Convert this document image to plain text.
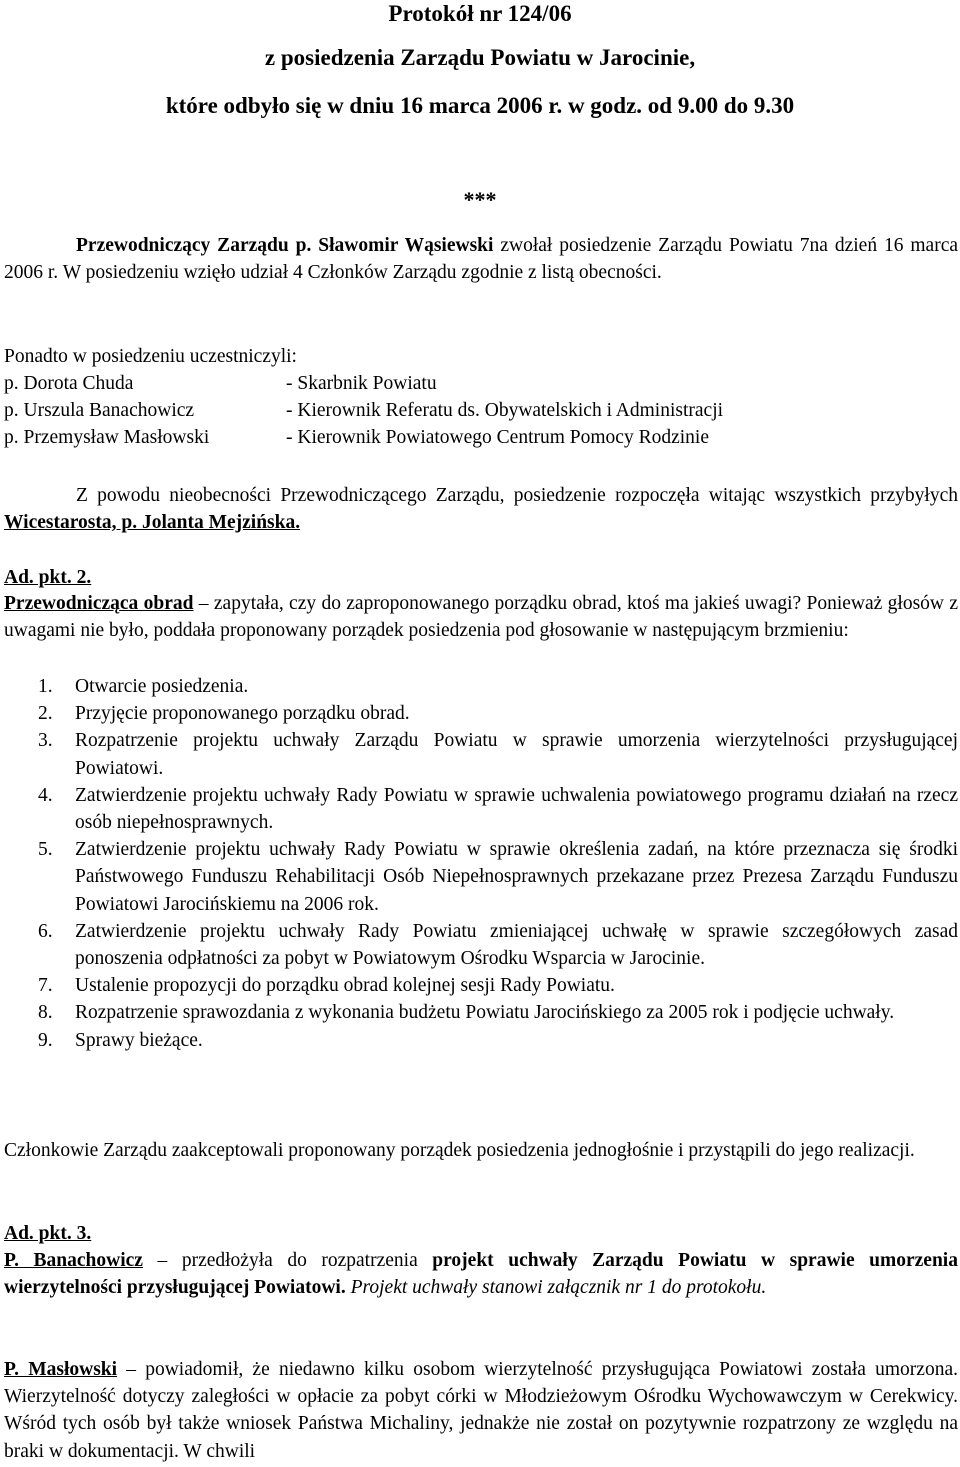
Protokół nr 124/06
z posiedzenia Zarządu Powiatu w Jarocinie,
które odbyło się w dniu 16 marca 2006 r. w godz. od 9.00 do 9.30
***
Przewodniczący Zarządu p. Sławomir Wąsiewski zwołał posiedzenie Zarządu Powiatu 7na dzień 16 marca 2006 r. W posiedzeniu wzięło udział 4 Członków Zarządu zgodnie z listą obecności.
Ponadto w posiedzeniu uczestniczyli:
p. Dorota Chuda	- Skarbnik Powiatu
p. Urszula Banachowicz	- Kierownik Referatu ds. Obywatelskich i Administracji
p. Przemysław Masłowski	- Kierownik Powiatowego Centrum Pomocy Rodzinie
Z powodu nieobecności Przewodniczącego Zarządu, posiedzenie rozpoczęła witając wszystkich przybyłych Wicestarosta, p. Jolanta Mejzińska.
Ad. pkt. 2.
Przewodnicząca obrad – zapytała, czy do zaproponowanego porządku obrad, ktoś ma jakieś uwagi? Ponieważ głosów z uwagami nie było, poddała proponowany porządek posiedzenia pod głosowanie w następującym brzmieniu:
1. Otwarcie posiedzenia.
2. Przyjęcie proponowanego porządku obrad.
3. Rozpatrzenie projektu uchwały Zarządu Powiatu w sprawie umorzenia wierzytelności przysługującej Powiatowi.
4. Zatwierdzenie projektu uchwały Rady Powiatu w sprawie uchwalenia powiatowego programu działań na rzecz osób niepełnosprawnych.
5. Zatwierdzenie projektu uchwały Rady Powiatu w sprawie określenia zadań, na które przeznacza się środki Państwowego Funduszu Rehabilitacji Osób Niepełnosprawnych przekazane przez Prezesa Zarządu Funduszu Powiatowi Jarocińskiemu na 2006 rok.
6. Zatwierdzenie projektu uchwały Rady Powiatu zmieniającej uchwałę w sprawie szczegółowych zasad ponoszenia odpłatności za pobyt w Powiatowym Ośrodku Wsparcia w Jarocinie.
7. Ustalenie propozycji do porządku obrad kolejnej sesji Rady Powiatu.
8. Rozpatrzenie sprawozdania z wykonania budżetu Powiatu Jarocińskiego za 2005 rok i podjęcie uchwały.
9. Sprawy bieżące.
Członkowie Zarządu zaakceptowali proponowany porządek posiedzenia jednogłośnie i przystąpili do jego realizacji.
Ad. pkt. 3.
P. Banachowicz – przedłożyła do rozpatrzenia projekt uchwały Zarządu Powiatu w sprawie umorzenia wierzytelności przysługującej Powiatowi. Projekt uchwały stanowi załącznik nr 1 do protokołu.
P. Masłowski – powiadomił, że niedawno kilku osobom wierzytelność przysługująca Powiatowi została umorzona. Wierzytelność dotyczy zaległości w opłacie za pobyt córki w Młodzieżowym Ośrodku Wychowawczym w Cerekwicy. Wśród tych osób był także wniosek Państwa Michaliny, jednakże nie został on pozytywnie rozpatrzony ze względu na braki w dokumentacji. W chwili
